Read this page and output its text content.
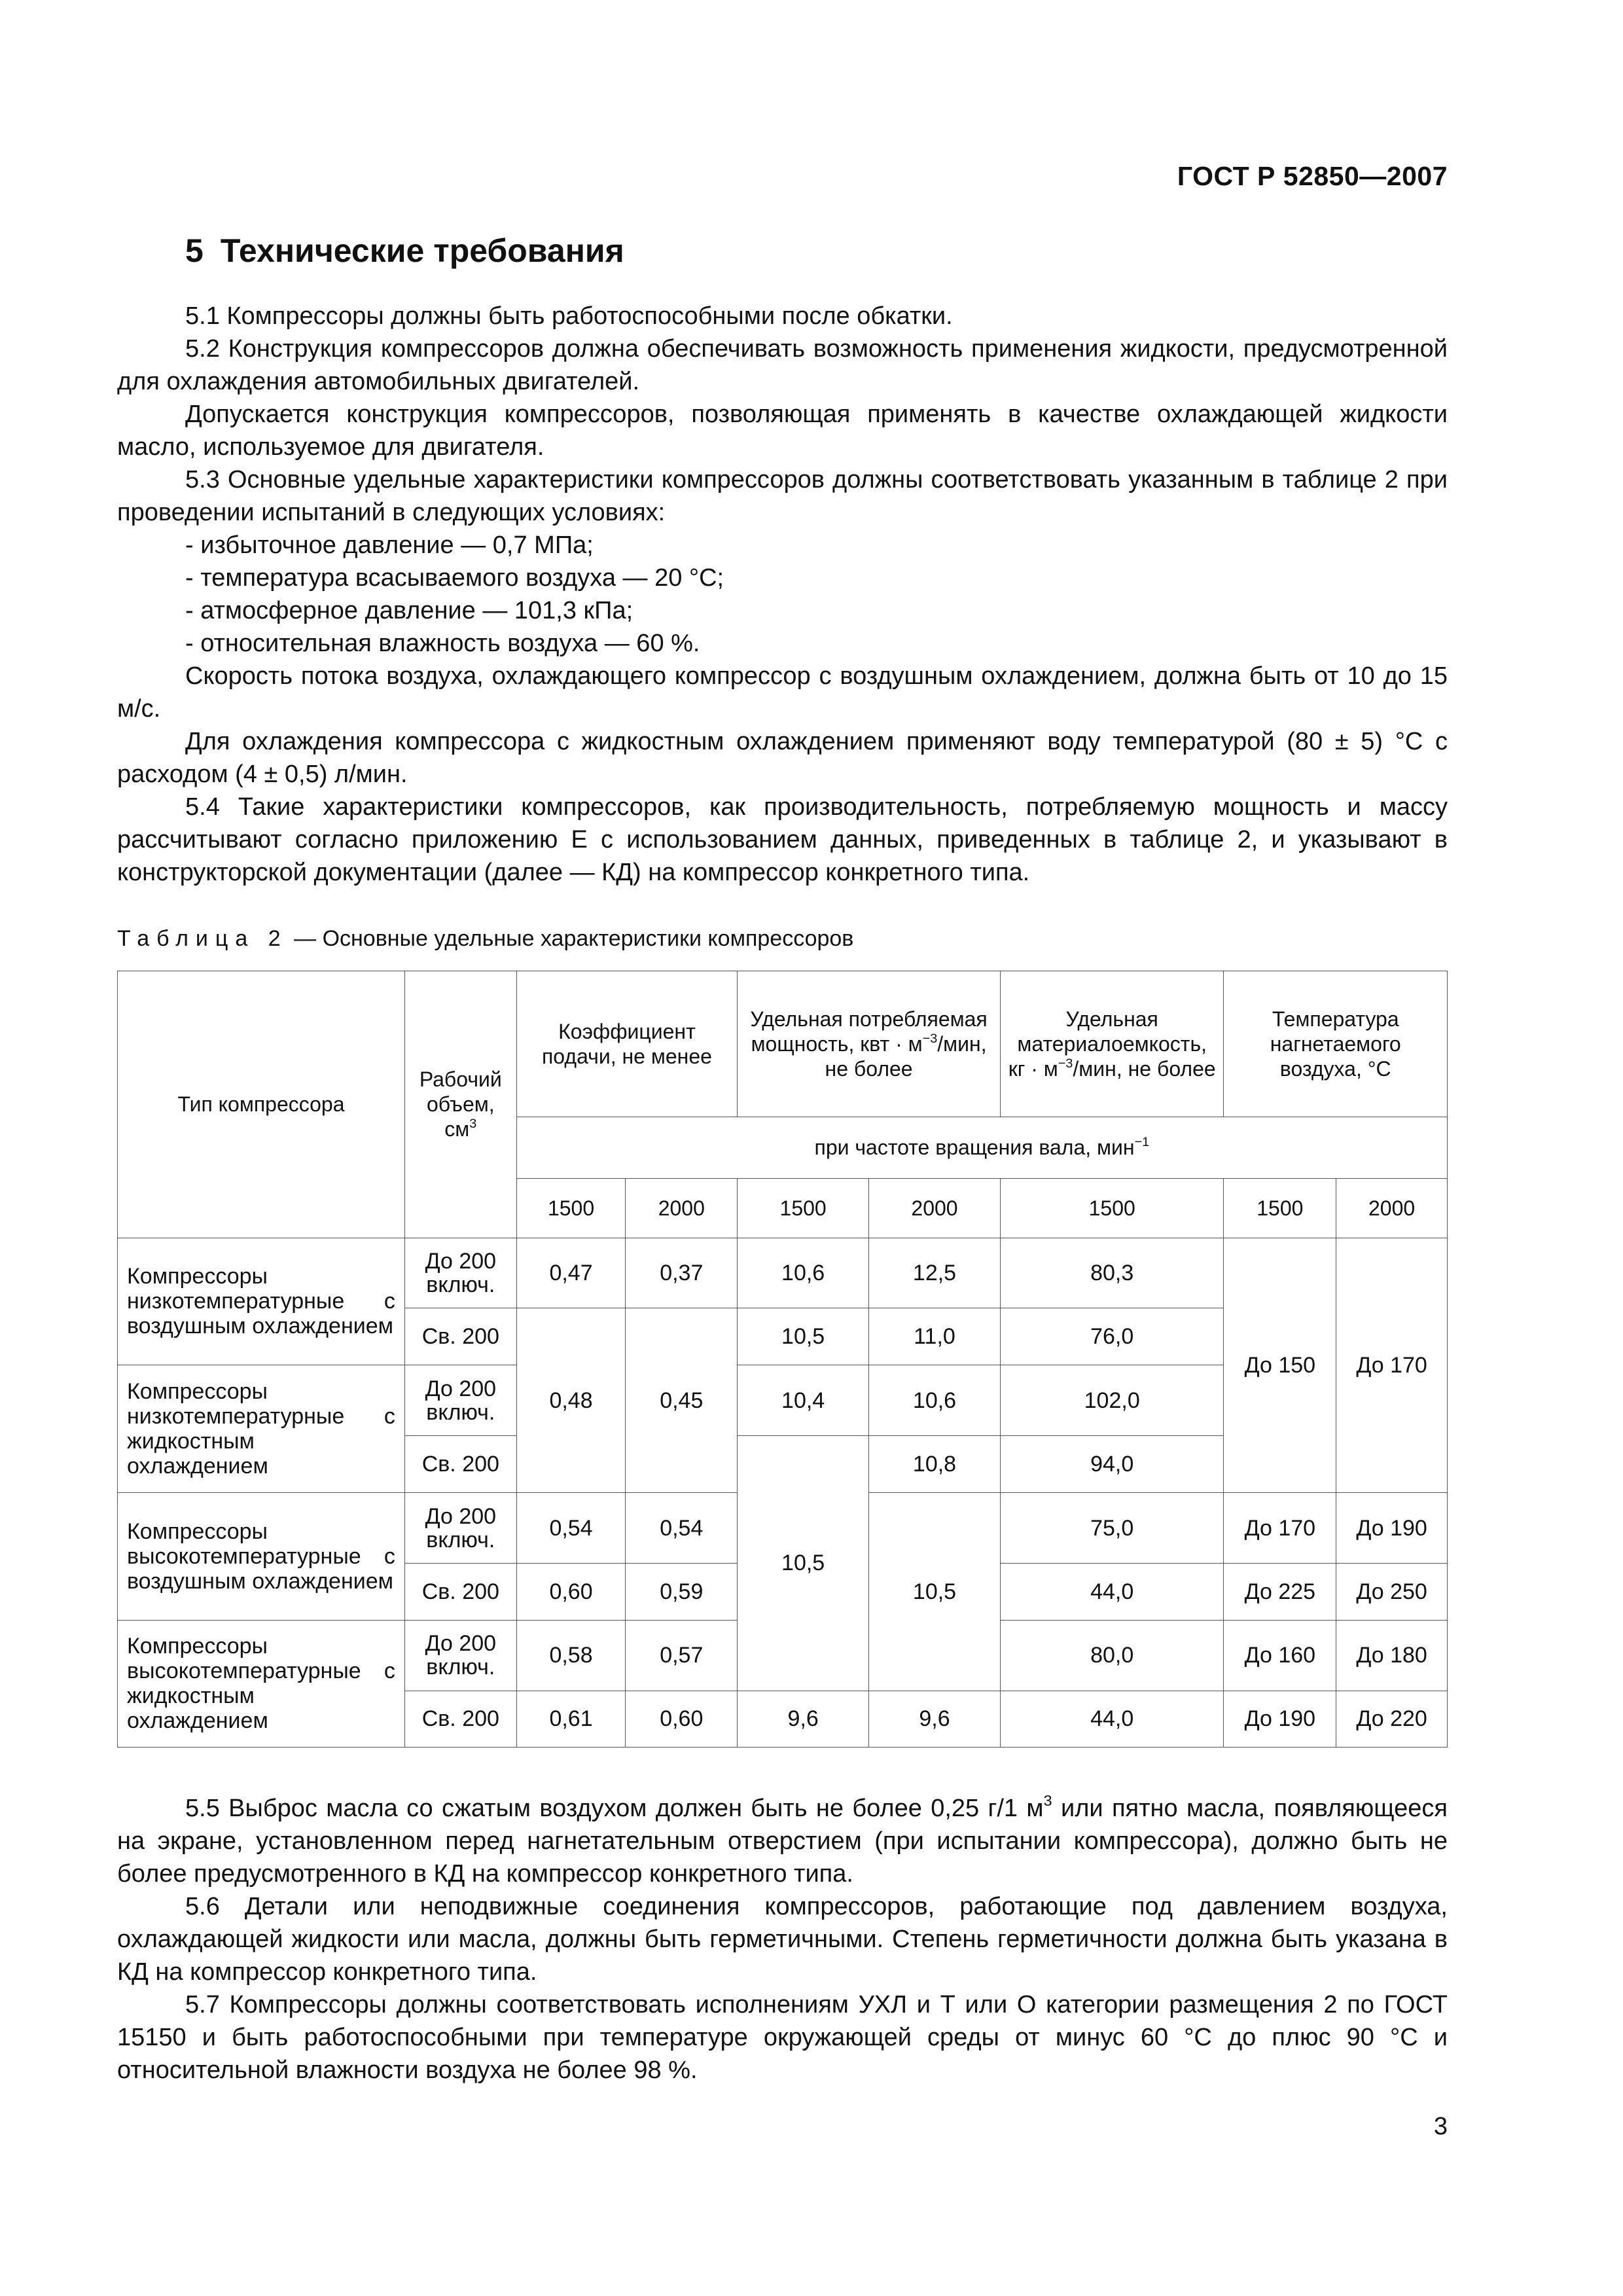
ГОСТ Р 52850—2007
5 Технические требования

5.1 Компрессоры должны быть работоспособными после обкатки.

5.2 Конструкция компрессоров должна обеспечивать возможность применения жидкости, предусмотренной для охлаждения автомобильных двигателей.

Допускается конструкция компрессоров, позволяющая применять в качестве охлаждающей жидкости масло, используемое для двигателя.

5.3 Основные удельные характеристики компрессоров должны соответствовать указанным в таблице 2 при проведении испытаний в следующих условиях:

- избыточное давление — 0,7 МПа;

- температура всасываемого воздуха — 20 °С;

- атмосферное давление — 101,3 кПа;

- относительная влажность воздуха — 60 %.

Скорость потока воздуха, охлаждающего компрессор с воздушным охлаждением, должна быть от 10 до 15 м/с.

Для охлаждения компрессора с жидкостным охлаждением применяют воду температурой (80 ± 5) °С с расходом (4 ± 0,5) л/мин.

5.4 Такие характеристики компрессоров, как производительность, потребляемую мощность и массу рассчитывают согласно приложению Е с использованием данных, приведенных в таблице 2, и указывают в конструкторской документации (далее — КД) на компрессор конкретного типа.

Таблица 2 — Основные удельные характеристики компрессоров
Тип компрессора	Рабочий объем, $см^3$	Коэффициент подачи, не менее		Удельная потребляемая мощность, квт · $м^{-3}$/мин, не более		Удельная материалоемкость, кг · $м^{-3}$/мин, не более	Температура нагнетаемого воздуха, °С	
		при частоте вращения вала, мин$^{-1}$
		1500	2000	1500	2000	1500	1500	2000
Компрессоры низкотемпературные с воздушным охлаждением	До 200 включ.	0,47	0,37	10,6	12,5	80,3	До 150	До 170
	Св. 200	0,48	0,45	10,5	11,0	76,0		
Компрессоры низкотемпературные с жидкостным охлаждением	До 200 включ.			10,4	10,6	102,0		
	Св. 200			10,5	10,8	94,0		
Компрессоры высокотемпературные с воздушным охлаждением	До 200 включ.	0,54	0,54		10,5	75,0	До 170	До 190
	Св. 200	0,60	0,59			44,0	До 225	До 250
Компрессоры высокотемпературные с жидкостным охлаждением	До 200 включ.	0,58	0,57			80,0	До 160	До 180
	Св. 200	0,61	0,60	9,6	9,6	44,0	До 190	До 220

5.5 Выброс масла со сжатым воздухом должен быть не более 0,25 г/1 $м^3$ или пятно масла, появляющееся на экране, установленном перед нагнетательным отверстием (при испытании компрессора), должно быть не более предусмотренного в КД на компрессор конкретного типа.

5.6 Детали или неподвижные соединения компрессоров, работающие под давлением воздуха, охлаждающей жидкости или масла, должны быть герметичными. Степень герметичности должна быть указана в КД на компрессор конкретного типа.

5.7 Компрессоры должны соответствовать исполнениям УХЛ и Т или О категории размещения 2 по ГОСТ 15150 и быть работоспособными при температуре окружающей среды от минус 60 °С до плюс 90 °С и относительной влажности воздуха не более 98 %.

3
